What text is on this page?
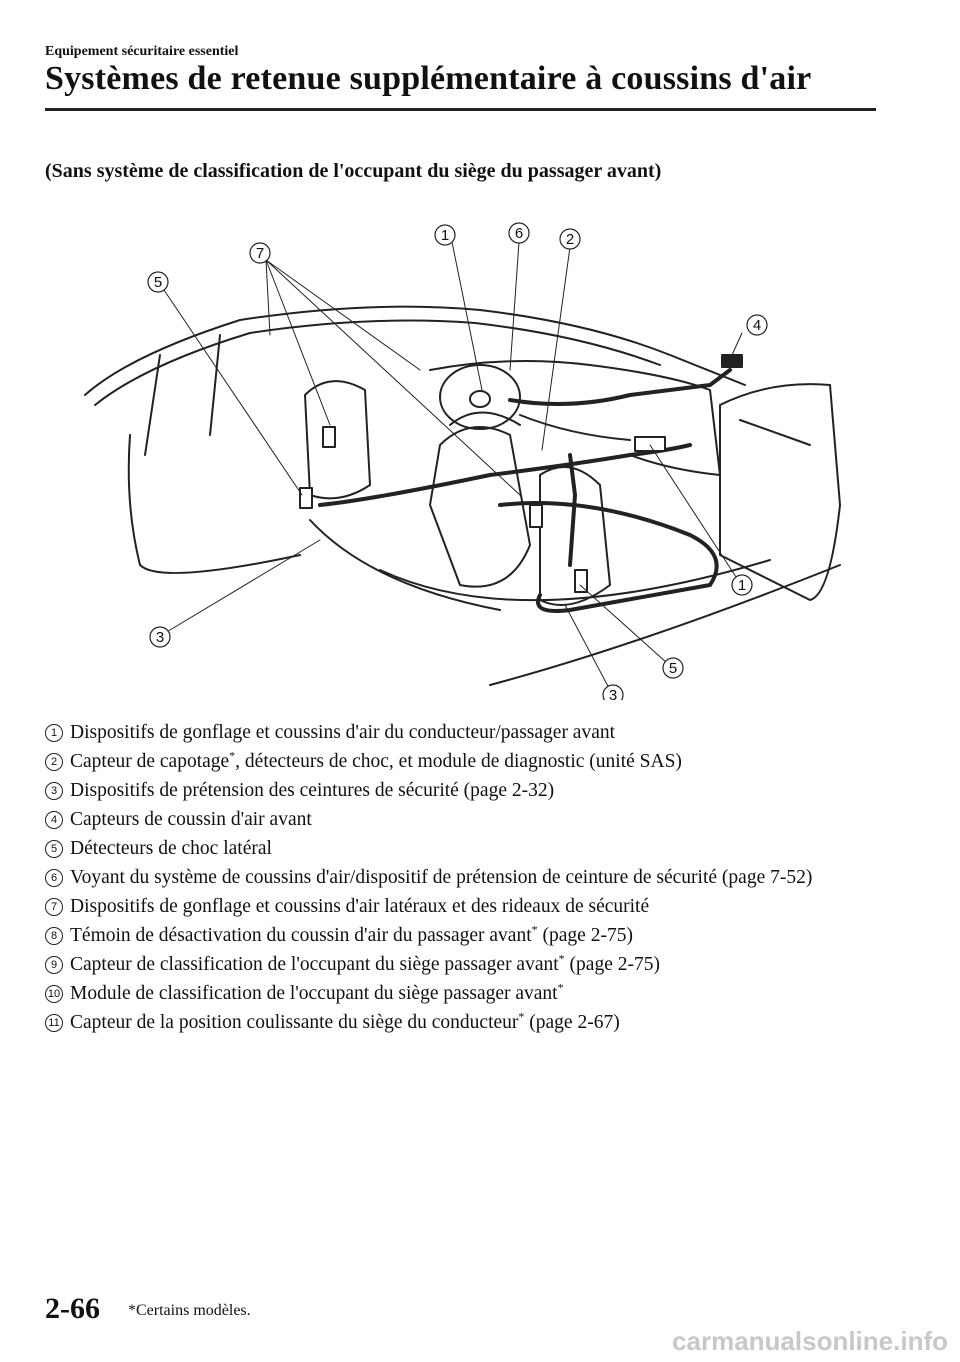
Equipement sécuritaire essentiel
Systèmes de retenue supplémentaire à coussins d'air
(Sans système de classification de l'occupant du siège du passager avant)
1	6	2
7
5
4
1
3
5
3
1 Dispositifs de gonflage et coussins d'air du conducteur/passager avant
2 Capteur de capotage*, détecteurs de choc, et module de diagnostic (unité SAS)
3 Dispositifs de prétension des ceintures de sécurité (page 2-32)
4 Capteurs de coussin d'air avant
5 Détecteurs de choc latéral
6 Voyant du système de coussins d'air/dispositif de prétension de ceinture de sécurité (page 7-52)
7 Dispositifs de gonflage et coussins d'air latéraux et des rideaux de sécurité
8 Témoin de désactivation du coussin d'air du passager avant* (page 2-75)
9 Capteur de classification de l'occupant du siège passager avant* (page 2-75)
10 Module de classification de l'occupant du siège passager avant*
11 Capteur de la position coulissante du siège du conducteur* (page 2-67)
2-66 *Certains modèles.
carmanualsonline.info
